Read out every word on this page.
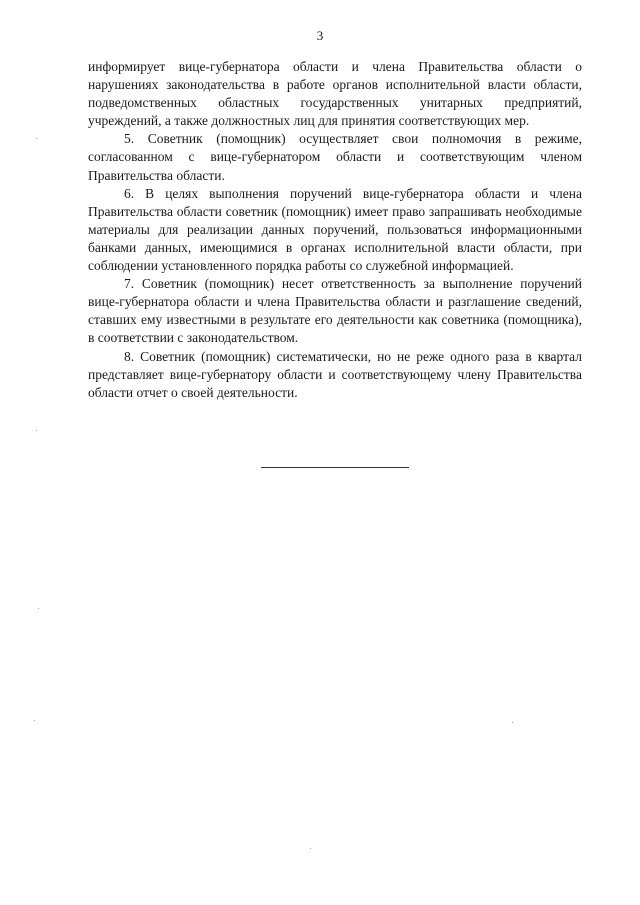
3

информирует вице-губернатора области и члена Правительства области о нарушениях законодательства в работе органов исполнительной власти области, подведомственных областных государственных унитарных предприятий, учреждений, а также должностных лиц для принятия соответствующих мер.

5. Советник (помощник) осуществляет свои полномочия в режиме, согласованном с вице-губернатором области и соответствующим членом Правительства области.

6. В целях выполнения поручений вице-губернатора области и члена Правительства области советник (помощник) имеет право запрашивать необходимые материалы для реализации данных поручений, пользоваться информационными банками данных, имеющимися в органах исполнительной власти области, при соблюдении установленного порядка работы со служебной информацией.

7. Советник (помощник) несет ответственность за выполнение поручений вице-губернатора области и члена Правительства области и разглашение сведений, ставших ему известными в результате его деятельности как советника (помощника), в соответствии с законодательством.

8. Советник (помощник) систематически, но не реже одного раза в квартал представляет вице-губернатору области и соответствующему члену Правительства области отчет о своей деятельности.
